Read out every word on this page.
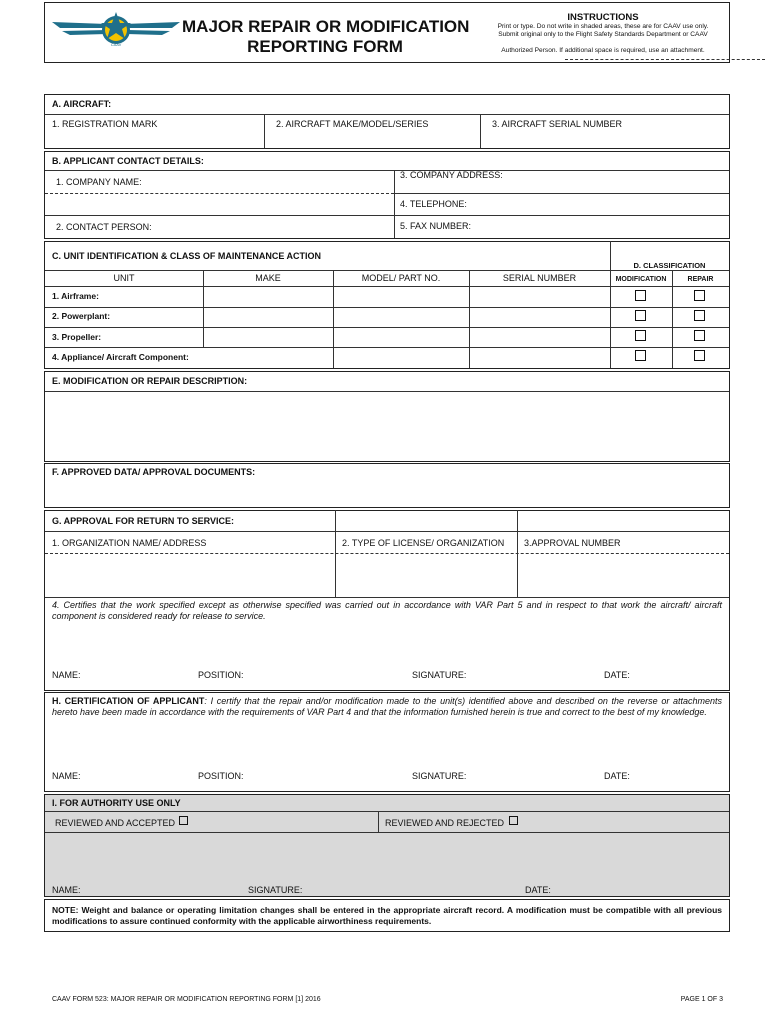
CAAV
MAJOR REPAIR OR MODIFICATION
REPORTING FORM
INSTRUCTIONS
Print or type. Do not write in shaded areas, these are for CAAV use only.
Submit original only to the Flight Safety Standards Department or CAAV
Authorized Person. If additional space is required, use an attachment.
A. AIRCRAFT:
1. REGISTRATION MARK	2. AIRCRAFT MAKE/MODEL/SERIES	3. AIRCRAFT SERIAL NUMBER
B. APPLICANT CONTACT DETAILS:
1. COMPANY NAME:
3. COMPANY ADDRESS:
4. TELEPHONE:
2. CONTACT PERSON:	5. FAX NUMBER:
C. UNIT IDENTIFICATION & CLASS OF MAINTENANCE ACTION
D. CLASSIFICATION
UNIT	MAKE	MODEL/ PART NO.	SERIAL NUMBER	MODIFICATION	REPAIR
1. Airframe:
2. Powerplant:
3. Propeller:
4. Appliance/ Aircraft Component:
E. MODIFICATION OR REPAIR DESCRIPTION:
F. APPROVED DATA/ APPROVAL DOCUMENTS:
G. APPROVAL FOR RETURN TO SERVICE:
1. ORGANIZATION NAME/ ADDRESS	2. TYPE OF LICENSE/ ORGANIZATION 3.APPROVAL NUMBER
4. Certifies that the work specified except as otherwise specified was carried out in accordance with VAR Part 5 and in respect to that work the aircraft/ aircraft component is considered ready for release to service.
NAME:	POSITION:	SIGNATURE:	DATE:
H. CERTIFICATION OF APPLICANT: I certify that the repair and/or modification made to the unit(s) identified above and described on the reverse or attachments hereto have been made in accordance with the requirements of VAR Part 4 and that the information furnished herein is true and correct to the best of my knowledge.
NAME:	POSITION:	SIGNATURE:	DATE:
I. FOR AUTHORITY USE ONLY
REVIEWED AND ACCEPTED	REVIEWED AND REJECTED
NAME:	SIGNATURE:	DATE:
NOTE: Weight and balance or operating limitation changes shall be entered in the appropriate aircraft record. A modification must be compatible with all previous modifications to assure continued conformity with the applicable airworthiness requirements.
CAAV FORM 523: MAJOR REPAIR OR MODIFICATION REPORTING FORM [1] 2016	PAGE 1 OF 3
